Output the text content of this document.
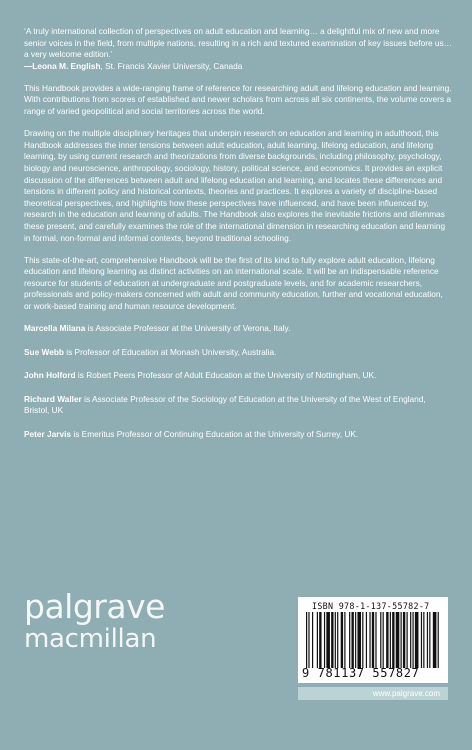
‘A truly international collection of perspectives on adult education and learning… a delightful mix of new and more senior voices in the field, from multiple nations, resulting in a rich and textured examination of key issues before us… a very welcome edition.’
—Leona M. English, St. Francis Xavier University, Canada

This Handbook provides a wide-ranging frame of reference for researching adult and lifelong education and learning. With contributions from scores of established and newer scholars from across all six continents, the volume covers a range of varied geopolitical and social territories across the world.

Drawing on the multiple disciplinary heritages that underpin research on education and learning in adulthood, this Handbook addresses the inner tensions between adult education, adult learning, lifelong education, and lifelong learning, by using current research and theorizations from diverse backgrounds, including philosophy, psychology, biology and neuroscience, anthropology, sociology, history, political science, and economics. It provides an explicit discussion of the differences between adult and lifelong education and learning, and locates these differences and tensions in different policy and historical contexts, theories and practices. It explores a variety of discipline-based theoretical perspectives, and highlights how these perspectives have influenced, and have been influenced by, research in the education and learning of adults. The Handbook also explores the inevitable frictions and dilemmas these present, and carefully examines the role of the international dimension in researching education and learning in formal, non-formal and informal contexts, beyond traditional schooling.

This state-of-the-art, comprehensive Handbook will be the first of its kind to fully explore adult education, lifelong education and lifelong learning as distinct activities on an international scale. It will be an indispensable reference resource for students of education at undergraduate and postgraduate levels, and for academic researchers, professionals and policy-makers concerned with adult and community education, further and vocational education, or work-based training and human resource development.

Marcella Milana is Associate Professor at the University of Verona, Italy.

Sue Webb is Professor of Education at Monash University, Australia.

John Holford is Robert Peers Professor of Adult Education at the University of Nottingham, UK.

Richard Waller is Associate Professor of the Sociology of Education at the University of the West of England, Bristol, UK

Peter Jarvis is Emeritus Professor of Continuing Education at the University of Surrey, UK.

palgrave
macmillan
ISBN 978-1-137-55782-7
9 781137 557827
www.palgrave.com
